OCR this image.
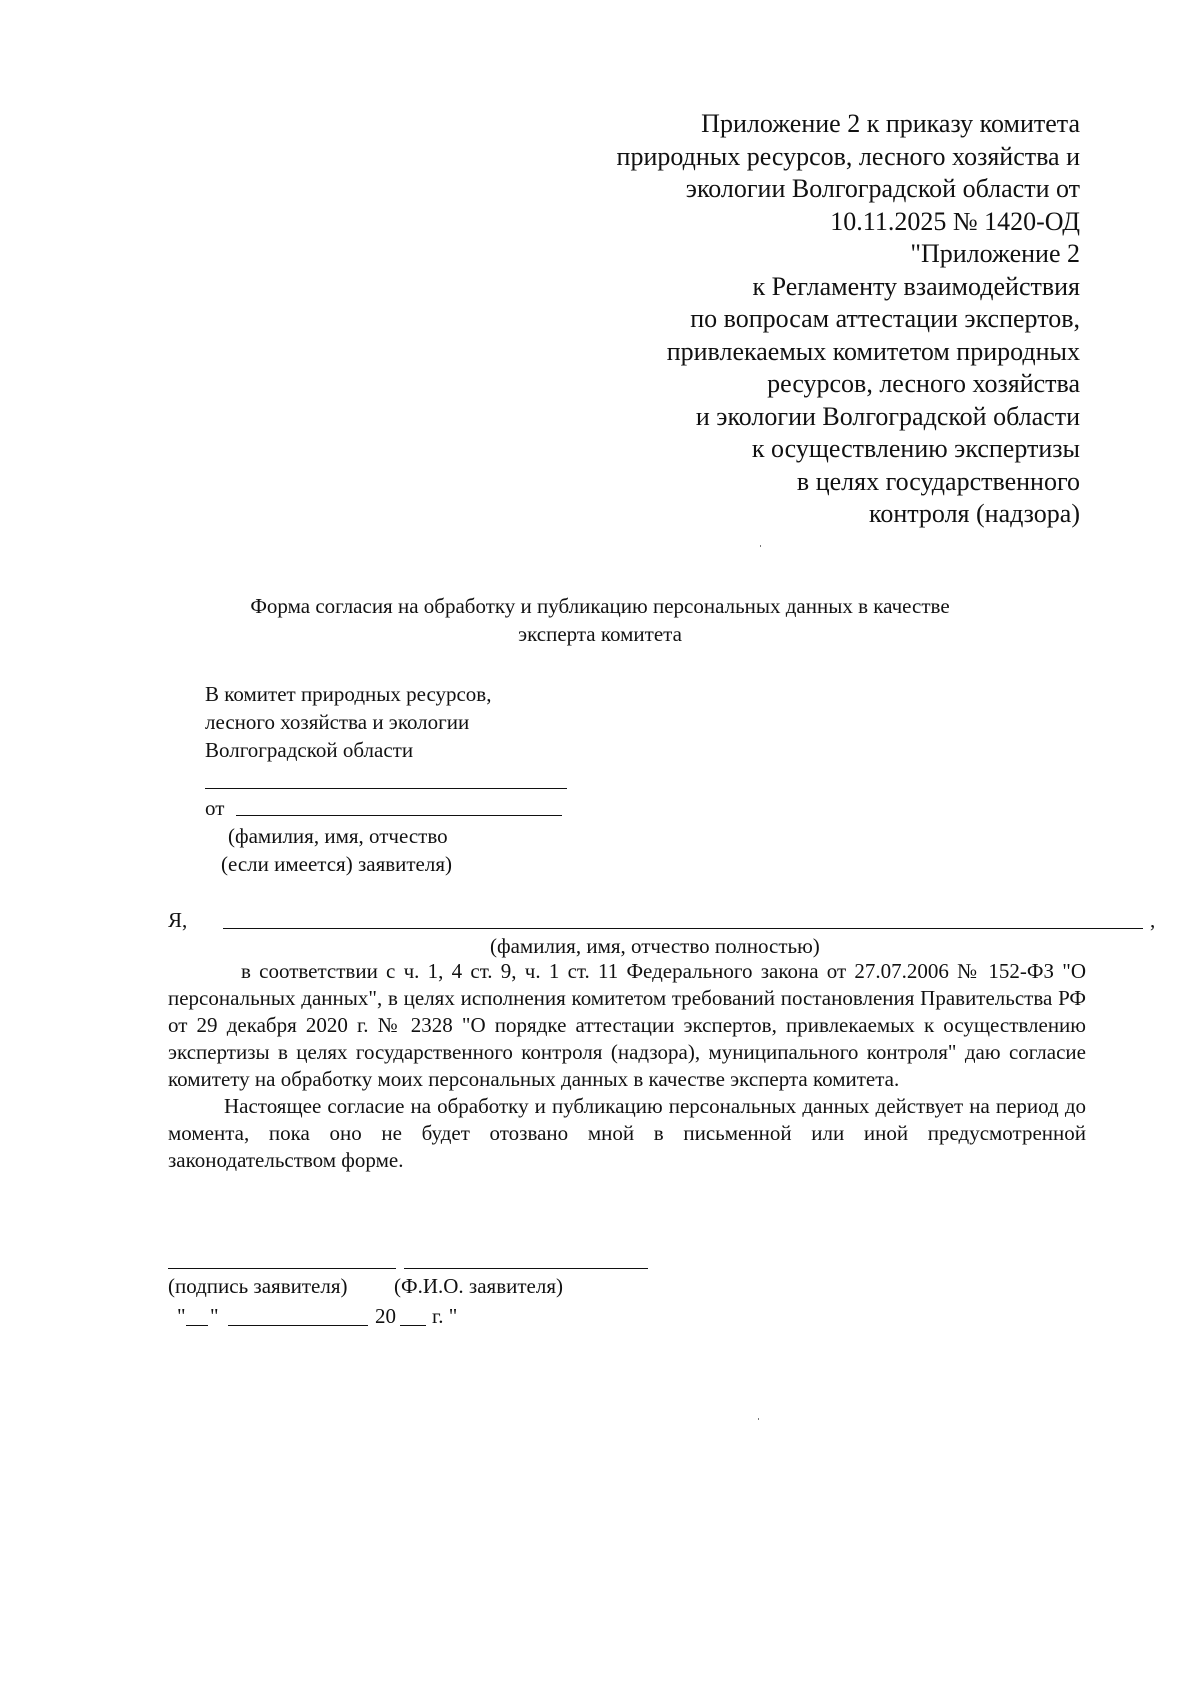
Приложение 2 к приказу комитета
природных ресурсов, лесного хозяйства и
экологии Волгоградской области от
10.11.2025 № 1420-ОД
"Приложение 2
к Регламенту взаимодействия
по вопросам аттестации экспертов,
привлекаемых комитетом природных
ресурсов, лесного хозяйства
и экологии Волгоградской области
к осуществлению экспертизы
в целях государственного
контроля (надзора)
Форма согласия на обработку и публикацию персональных данных в качестве
эксперта комитета
В комитет природных ресурсов,
лесного хозяйства и экологии
Волгоградской области
от
(фамилия, имя, отчество
(если имеется) заявителя)
Я,	,
(фамилия, имя, отчество полностью)

в соответствии с ч. 1, 4 ст. 9, ч. 1 ст. 11 Федерального закона от 27.07.2006 № 152-ФЗ "О персональных данных", в целях исполнения комитетом требований постановления Правительства РФ от 29 декабря 2020 г. № 2328 "О порядке аттестации экспертов, привлекаемых к осуществлению экспертизы в целях государственного контроля (надзора), муниципального контроля" даю согласие комитету на обработку моих персональных данных в качестве эксперта комитета.

Настоящее согласие на обработку и публикацию персональных данных действует на период до момента, пока оно не будет отозвано мной в письменной или иной предусмотренной законодательством форме.

(подпись заявителя) (Ф.И.О. заявителя)
" "	20 г. "
